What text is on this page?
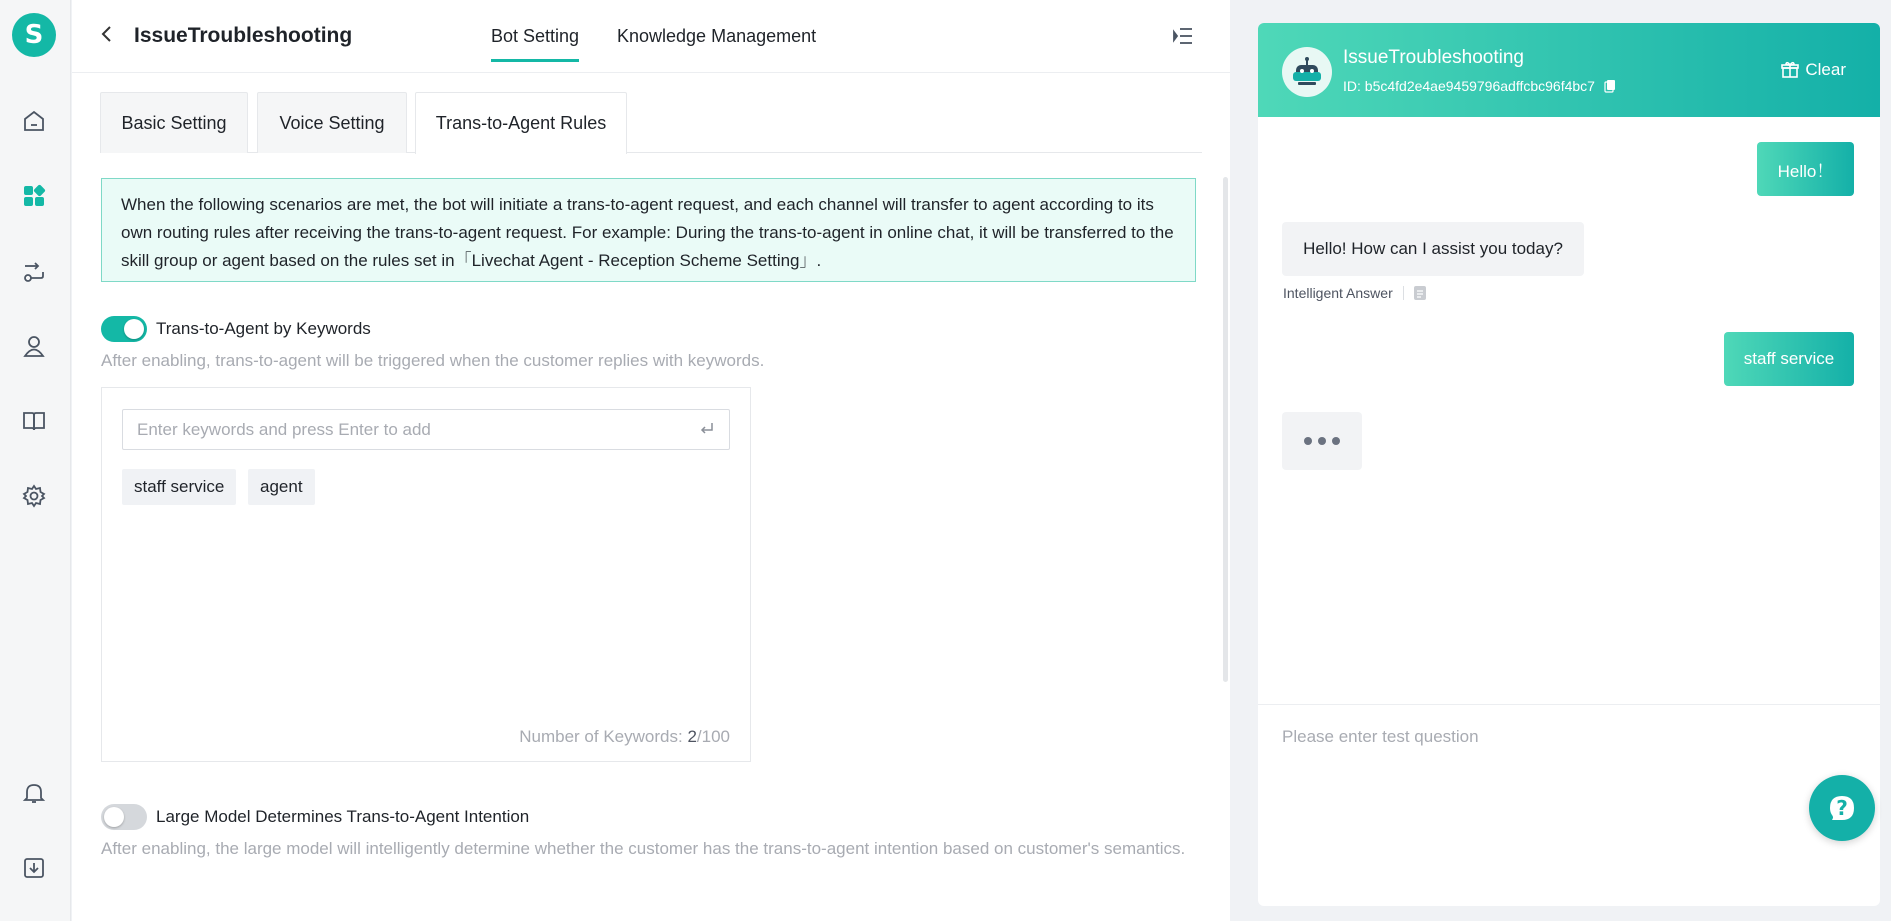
S	IssueTroubleshooting	Bot Setting Knowledge Management
Basic Setting	Voice Setting	Trans-to-Agent Rules
When the following scenarios are met, the bot will initiate a trans-to-agent request, and each channel will transfer to agent according to its own routing rules after receiving the trans-to-agent request. For example: During the trans-to-agent in online chat, it will be transferred to the skill group or agent based on the rules set in「Livechat Agent - Reception Scheme Setting」.
Trans-to-Agent by Keywords
After enabling, trans-to-agent will be triggered when the customer replies with keywords.
Enter keywords and press Enter to add
staff service	agent
Number of Keywords: 2/100
Large Model Determines Trans-to-Agent Intention
After enabling, the large model will intelligently determine whether the customer has the trans-to-agent intention based on customer's semantics.
IssueTroubleshooting
ID: b5c4fd2e4ae9459796adffcbc96f4bc7
Clear
Hello！
Hello! How can I assist you today?
Intelligent Answer
staff service
Please enter test question
?
